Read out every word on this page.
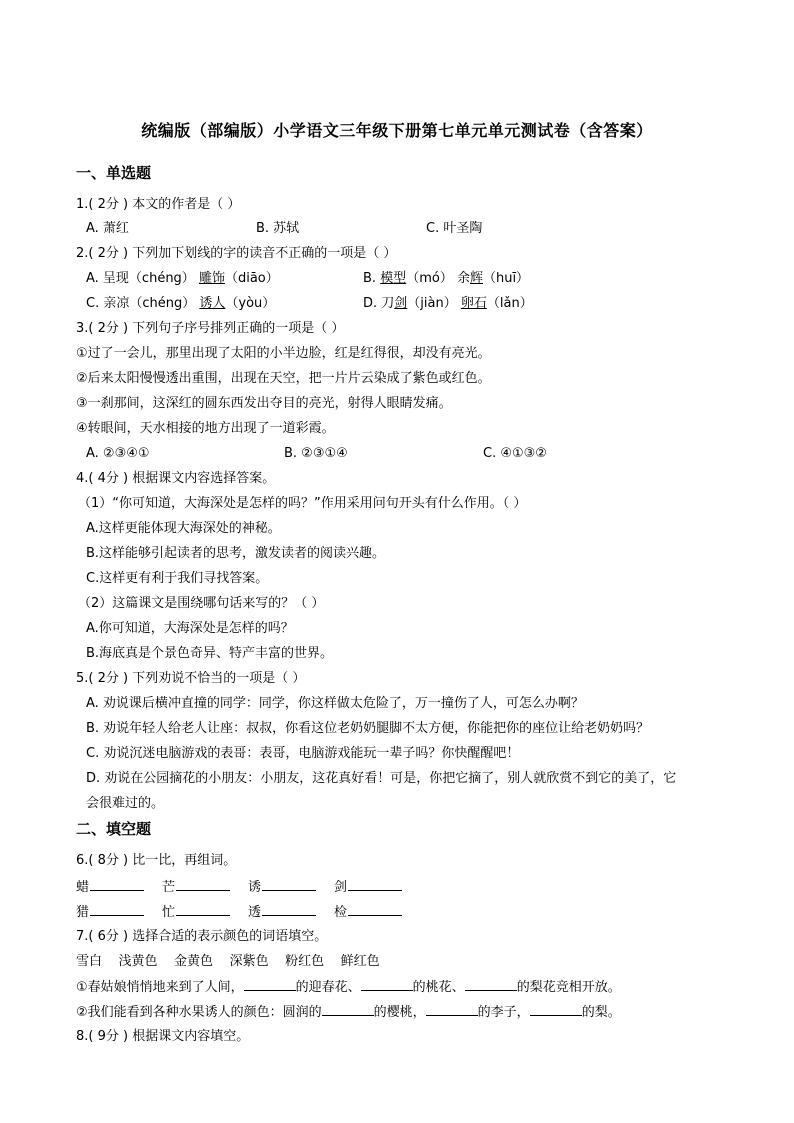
统编版（部编版）小学语文三年级下册第七单元单元测试卷（含答案）
一、单选题
1.( 2分 ) 本文的作者是（ ）
A. 萧红	B. 苏轼	C. 叶圣陶
2.( 2分 ) 下列加下划线的字的读音不正确的一项是（ ）
A. 呈现（chéng） 雕饰（diāo）	B. 模型（mó） 余辉（huī）
C. 亲凉（chéng） 诱人（yòu）	D. 刀剑（jiàn） 卵石（lǎn）
3.( 2分 ) 下列句子序号排列正确的一项是（ ）
①过了一会儿，那里出现了太阳的小半边脸，红是红得很，却没有亮光。
②后来太阳慢慢透出重围，出现在天空，把一片片云染成了紫色或红色。
③一刹那间，这深红的圆东西发出夺目的亮光，射得人眼睛发痛。
④转眼间，天水相接的地方出现了一道彩霞。
A. ②③④①	B. ②③①④	C. ④①③②
4.( 4分 ) 根据课文内容选择答案。
（1）“你可知道，大海深处是怎样的吗？”作用采用问句开头有什么作用。（ ）
A.这样更能体现大海深处的神秘。
B.这样能够引起读者的思考，激发读者的阅读兴趣。
C.这样更有利于我们寻找答案。
（2）这篇课文是围绕哪句话来写的？（ ）
A.你可知道，大海深处是怎样的吗？
B.海底真是个景色奇异、特产丰富的世界。
5.( 2分 ) 下列劝说不恰当的一项是（ ）
A. 劝说课后横冲直撞的同学：同学，你这样做太危险了，万一撞伤了人，可怎么办啊？
B. 劝说年轻人给老人让座：叔叔，你看这位老奶奶腿脚不太方便，你能把你的座位让给老奶奶吗？
C. 劝说沉迷电脑游戏的表哥：表哥，电脑游戏能玩一辈子吗？你快醒醒吧！
D. 劝说在公园摘花的小朋友：小朋友，这花真好看！可是，你把它摘了，别人就欣赏不到它的美了，它
会很难过的。
二、填空题
6.( 8分 ) 比一比，再组词。
蜡	芒	诱	剑
猎	忙	透	检
7.( 6分 ) 选择合适的表示颜色的词语填空。
雪白    浅黄色    金黄色    深紫色    粉红色    鲜红色
①春姑娘悄悄地来到了人间，	的迎春花、	的桃花、	的梨花竞相开放。
②我们能看到各种水果诱人的颜色：圆润的	的樱桃，	的李子，	的梨。
8.( 9分 ) 根据课文内容填空。
